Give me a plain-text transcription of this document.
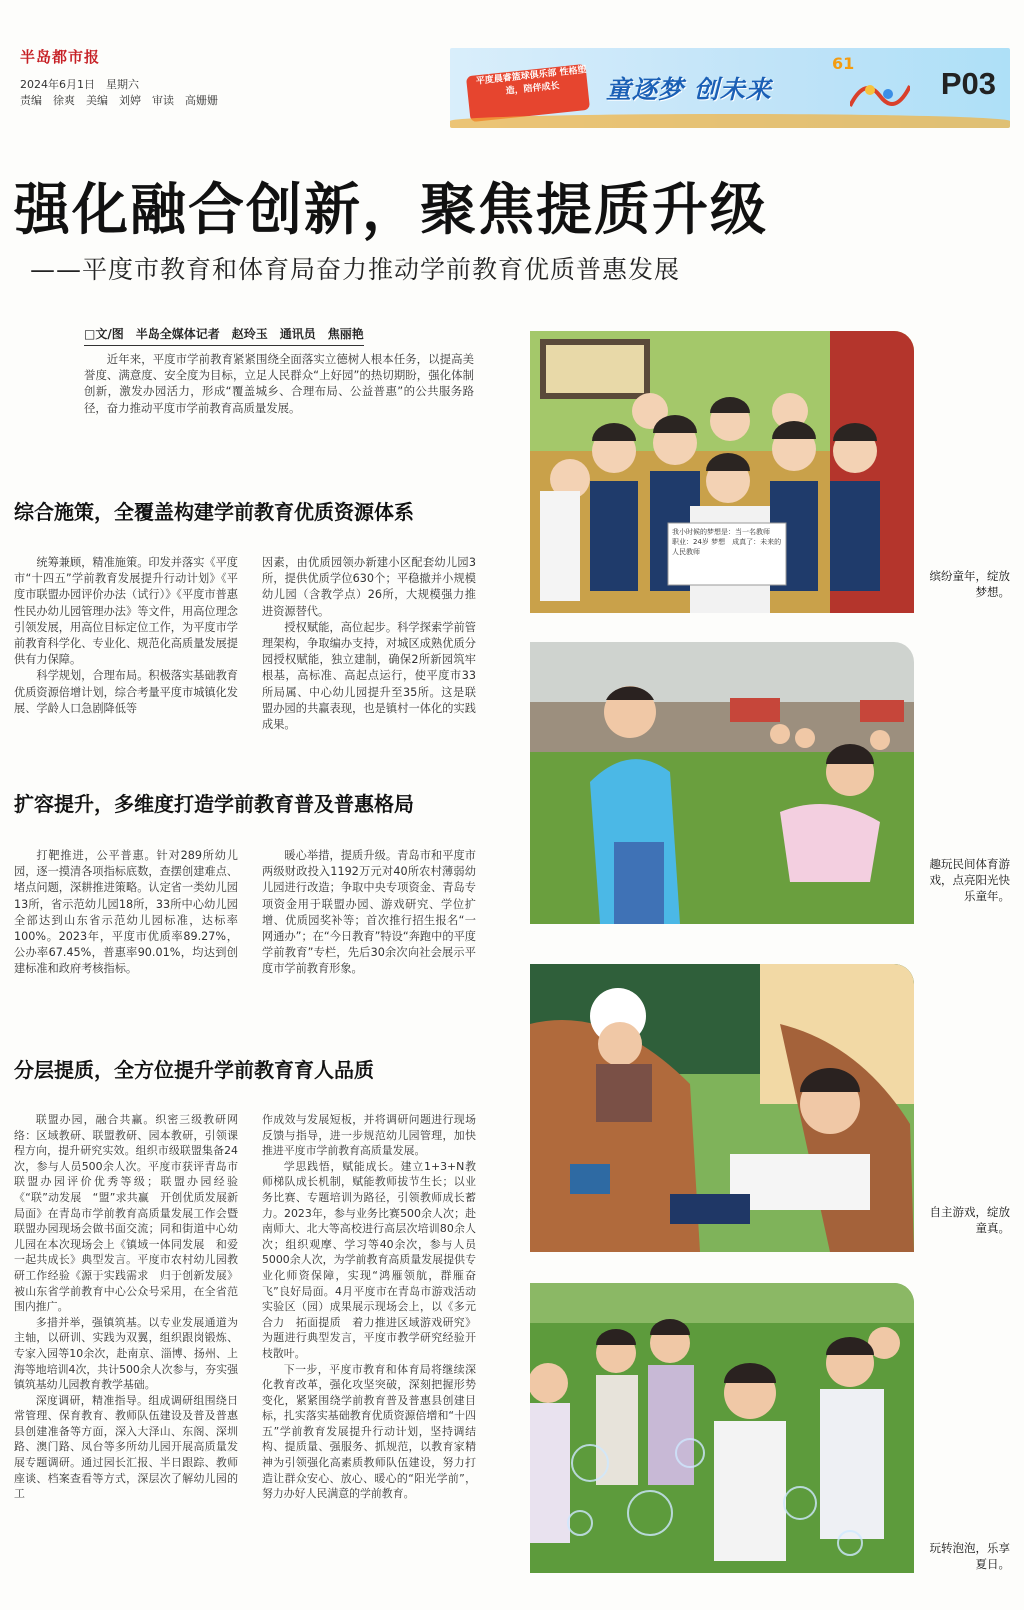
半岛都市报
2024年6月1日　星期六
责编　徐爽　美编　刘婷　审读　高姗姗
平度晨睿篮球俱乐部 性格塑造，陪伴成长	童逐梦 创未来
61
P03
强化融合创新，聚焦提质升级
——平度市教育和体育局奋力推动学前教育优质普惠发展
□文/图　半岛全媒体记者　赵玲玉　通讯员　焦丽艳
近年来，平度市学前教育紧紧围绕全面落实立德树人根本任务，以提高美誉度、满意度、安全度为目标，立足人民群众“上好园”的热切期盼，强化体制创新，激发办园活力，形成“覆盖城乡、合理布局、公益普惠”的公共服务路径，奋力推动平度市学前教育高质量发展。
综合施策，全覆盖构建学前教育优质资源体系

统筹兼顾，精准施策。印发并落实《平度市“十四五”学前教育发展提升行动计划》《平度市联盟办园评价办法（试行）》《平度市普惠性民办幼儿园管理办法》等文件，用高位理念引领发展，用高位目标定位工作，为平度市学前教育科学化、专业化、规范化高质量发展提供有力保障。

科学规划，合理布局。积极落实基础教育优质资源倍增计划，综合考量平度市城镇化发展、学龄人口急剧降低等

因素，由优质园领办新建小区配套幼儿园3所，提供优质学位630个；平稳撤并小规模幼儿园（含教学点）26所，大规模强力推进资源替代。

授权赋能，高位起步。科学探索学前管理架构，争取编办支持，对城区成熟优质分园授权赋能，独立建制，确保2所新园筑牢根基，高标准、高起点运行，使平度市33所局属、中心幼儿园提升至35所。这是联盟办园的共赢表现，也是镇村一体化的实践成果。

扩容提升，多维度打造学前教育普及普惠格局

打靶推进，公平普惠。针对289所幼儿园，逐一摸清各项指标底数，查摆创建难点、堵点问题，深耕推进策略。认定省一类幼儿园13所，省示范幼儿园18所，33所中心幼儿园全部达到山东省示范幼儿园标准，达标率100%。2023年，平度市优质率89.27%，公办率67.45%，普惠率90.01%，均达到创建标准和政府考核指标。

暖心举措，提质升级。青岛市和平度市两级财政投入1192万元对40所农村薄弱幼儿园进行改造；争取中央专项资金、青岛专项资金用于联盟办园、游戏研究、学位扩增、优质园奖补等；首次推行招生报名“一网通办”；在“今日教育”特设“奔跑中的平度学前教育”专栏，先后30余次向社会展示平度市学前教育形象。

分层提质，全方位提升学前教育育人品质

联盟办园，融合共赢。织密三级教研网络：区域教研、联盟教研、园本教研，引领课程方向，提升研究实效。组织市级联盟集备24次，参与人员500余人次。平度市获评青岛市联盟办园评价优秀等级；联盟办园经验《“联”动发展　“盟”求共赢　开创优质发展新局面》在青岛市学前教育高质量发展工作会暨联盟办园现场会做书面交流；同和街道中心幼儿园在本次现场会上《镇域一体同发展　和爱一起共成长》典型发言。平度市农村幼儿园教研工作经验《源于实践需求　归于创新发展》被山东省学前教育中心公众号采用，在全省范围内推广。

多措并举，强镇筑基。以专业发展通道为主轴，以研训、实践为双翼，组织跟岗锻炼、专家入园等10余次，赴南京、淄博、扬州、上海等地培训4次，共计500余人次参与，夯实强镇筑基幼儿园教育教学基础。

深度调研，精准指导。组成调研组围绕日常管理、保育教育、教师队伍建设及普及普惠县创建准备等方面，深入大泽山、东阁、深圳路、澳门路、凤台等多所幼儿园开展高质量发展专题调研。通过园长汇报、半日跟踪、教师座谈、档案查看等方式，深层次了解幼儿园的工

作成效与发展短板，并将调研问题进行现场反馈与指导，进一步规范幼儿园管理，加快推进平度市学前教育高质量发展。

学思践悟，赋能成长。建立1+3+N教师梯队成长机制，赋能教师拔节生长；以业务比赛、专题培训为路径，引领教师成长蓄力。2023年，参与业务比赛500余人次；赴南师大、北大等高校进行高层次培训80余人次；组织观摩、学习等40余次，参与人员5000余人次，为学前教育高质量发展提供专业化师资保障，实现“鸿雁领航，群雁奋飞”良好局面。4月平度市在青岛市游戏活动实验区（园）成果展示现场会上，以《多元合力　拓面提质　着力推进区域游戏研究》为题进行典型发言，平度市教学研究经验开枝散叶。

下一步，平度市教育和体育局将继续深化教育改革，强化攻坚突破，深刻把握形势变化，紧紧围绕学前教育普及普惠县创建目标，扎实落实基础教育优质资源倍增和“十四五”学前教育发展提升行动计划，坚持调结构、提质量、强服务、抓规范，以教育家精神为引领强化高素质教师队伍建设，努力打造让群众安心、放心、暖心的“阳光学前”，努力办好人民满意的学前教育。

我小时候的梦想是：当一名教师　职业：24岁 梦想　成真了：未来的人民教师
缤纷童年，绽放梦想。
趣玩民间体育游戏，点亮阳光快乐童年。
自主游戏，绽放童真。
玩转泡泡，乐享夏日。
